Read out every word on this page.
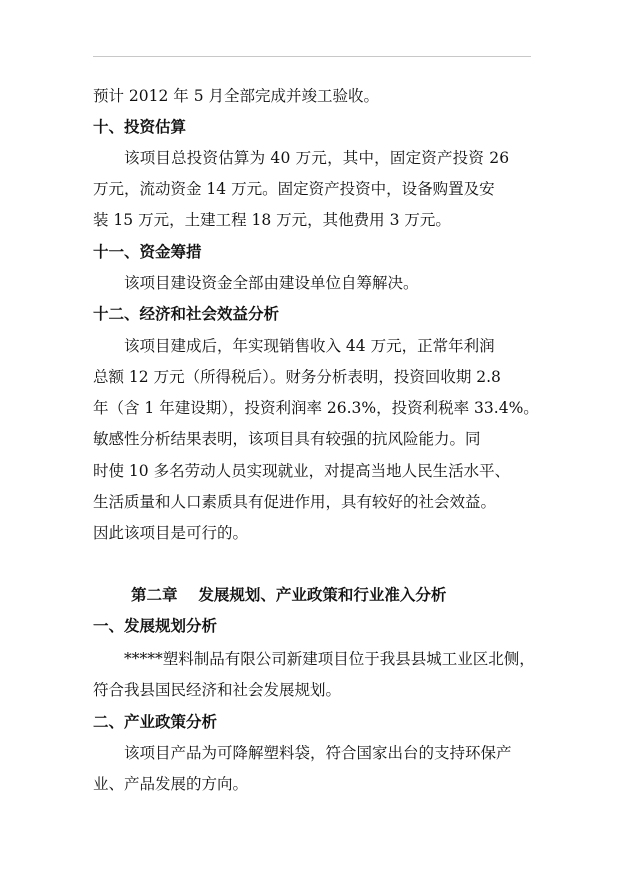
预计 2012 年 5 月全部完成并竣工验收。
十、投资估算
该项目总投资估算为 40 万元，其中，固定资产投资 26
万元，流动资金 14 万元。固定资产投资中，设备购置及安
装 15 万元，土建工程 18 万元，其他费用 3 万元。
十一、资金筹措
该项目建设资金全部由建设单位自筹解决。
十二、经济和社会效益分析
该项目建成后，年实现销售收入 44 万元，正常年利润
总额 12 万元（所得税后）。财务分析表明，投资回收期 2.8
年（含 1 年建设期），投资利润率 26.3%，投资利税率 33.4%。
敏感性分析结果表明，该项目具有较强的抗风险能力。同
时使 10 多名劳动人员实现就业，对提高当地人民生活水平、
生活质量和人口素质具有促进作用，具有较好的社会效益。
因此该项目是可行的。
第二章　 发展规划、产业政策和行业准入分析
一、发展规划分析
*****塑料制品有限公司新建项目位于我县县城工业区北侧，
符合我县国民经济和社会发展规划。
二、产业政策分析
该项目产品为可降解塑料袋，符合国家出台的支持环保产
业、产品发展的方向。
